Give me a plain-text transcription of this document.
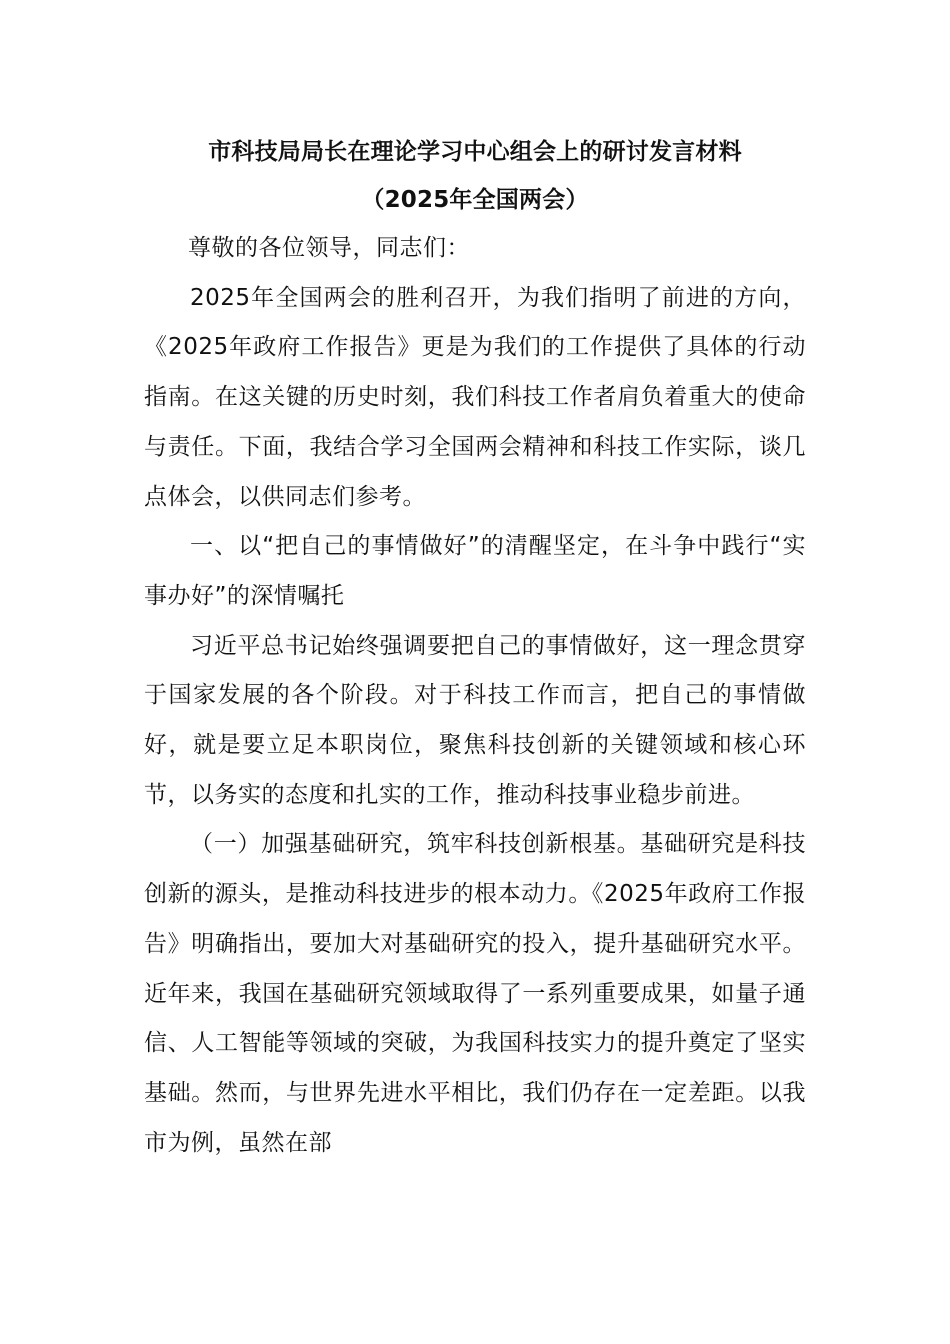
市科技局局长在理论学习中心组会上的研讨发言材料

（2025年全国两会）

尊敬的各位领导，同志们：

2025年全国两会的胜利召开，为我们指明了前进的方向，《2025年政府工作报告》更是为我们的工作提供了具体的行动指南。在这关键的历史时刻，我们科技工作者肩负着重大的使命与责任。下面，我结合学习全国两会精神和科技工作实际，谈几点体会，以供同志们参考。

一、以“把自己的事情做好”的清醒坚定，在斗争中践行“实事办好”的深情嘱托

习近平总书记始终强调要把自己的事情做好，这一理念贯穿于国家发展的各个阶段。对于科技工作而言，把自己的事情做好，就是要立足本职岗位，聚焦科技创新的关键领域和核心环节，以务实的态度和扎实的工作，推动科技事业稳步前进。

（一）加强基础研究，筑牢科技创新根基。基础研究是科技创新的源头，是推动科技进步的根本动力。《2025年政府工作报告》明确指出，要加大对基础研究的投入，提升基础研究水平。近年来，我国在基础研究领域取得了一系列重要成果，如量子通信、人工智能等领域的突破，为我国科技实力的提升奠定了坚实基础。然而，与世界先进水平相比，我们仍存在一定差距。以我市为例，虽然在部
